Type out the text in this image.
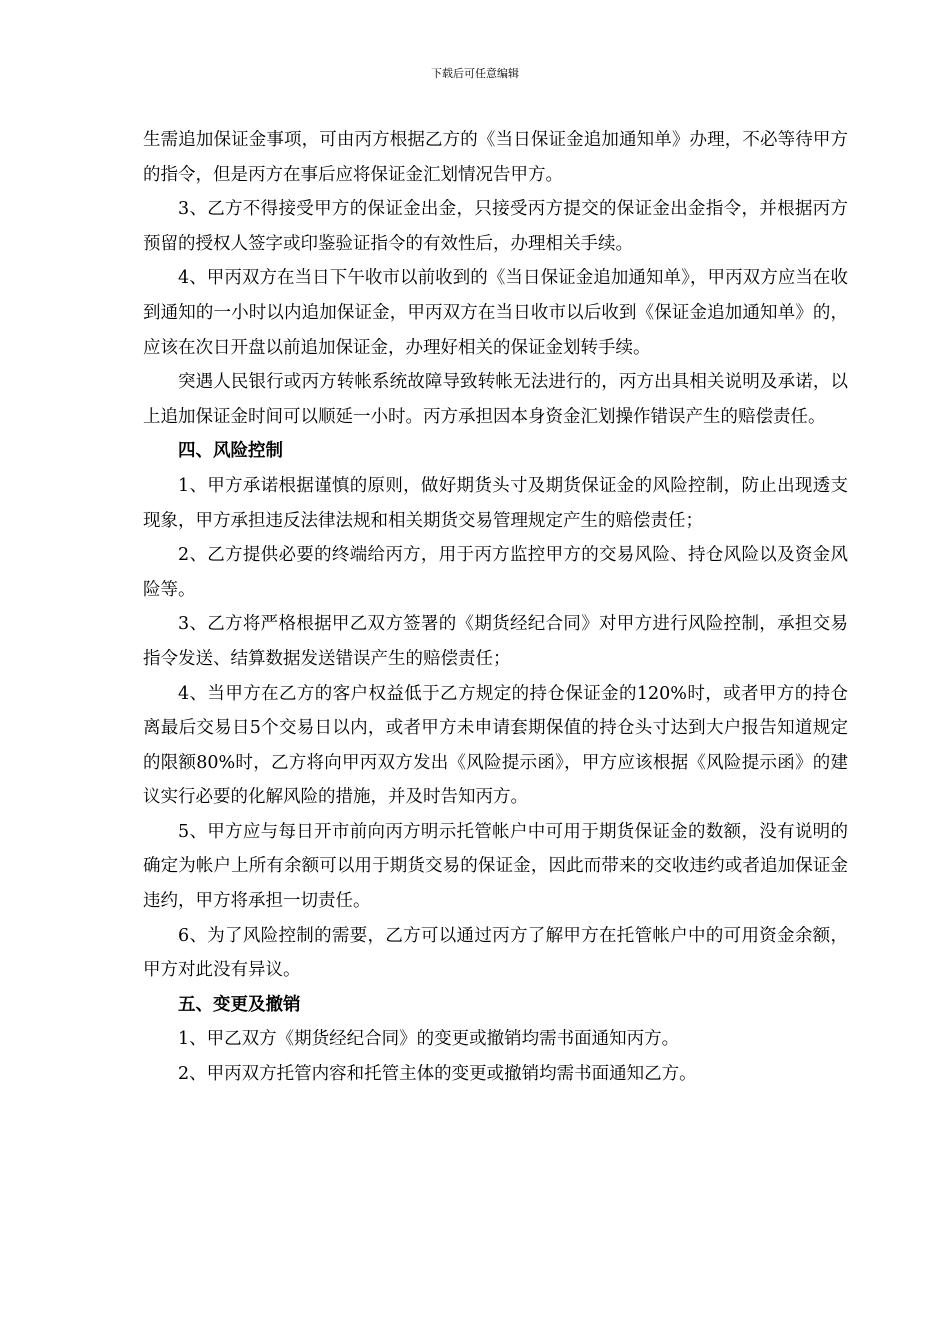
下载后可任意编辑

生需追加保证金事项，可由丙方根据乙方的《当日保证金追加通知单》办理，不必等待甲方的指令，但是丙方在事后应将保证金汇划情况告甲方。

3、乙方不得接受甲方的保证金出金，只接受丙方提交的保证金出金指令，并根据丙方预留的授权人签字或印鉴验证指令的有效性后，办理相关手续。

4、甲丙双方在当日下午收市以前收到的《当日保证金追加通知单》，甲丙双方应当在收到通知的一小时以内追加保证金，甲丙双方在当日收市以后收到《保证金追加通知单》的，应该在次日开盘以前追加保证金，办理好相关的保证金划转手续。

突遇人民银行或丙方转帐系统故障导致转帐无法进行的，丙方出具相关说明及承诺，以上追加保证金时间可以顺延一小时。丙方承担因本身资金汇划操作错误产生的赔偿责任。

四、风险控制

1、甲方承诺根据谨慎的原则，做好期货头寸及期货保证金的风险控制，防止出现透支现象，甲方承担违反法律法规和相关期货交易管理规定产生的赔偿责任；

2、乙方提供必要的终端给丙方，用于丙方监控甲方的交易风险、持仓风险以及资金风险等。

3、乙方将严格根据甲乙双方签署的《期货经纪合同》对甲方进行风险控制，承担交易指令发送、结算数据发送错误产生的赔偿责任；

4、当甲方在乙方的客户权益低于乙方规定的持仓保证金的120%时，或者甲方的持仓离最后交易日5个交易日以内，或者甲方未申请套期保值的持仓头寸达到大户报告知道规定的限额80%时，乙方将向甲丙双方发出《风险提示函》，甲方应该根据《风险提示函》的建议实行必要的化解风险的措施，并及时告知丙方。

5、甲方应与每日开市前向丙方明示托管帐户中可用于期货保证金的数额，没有说明的确定为帐户上所有余额可以用于期货交易的保证金，因此而带来的交收违约或者追加保证金违约，甲方将承担一切责任。

6、为了风险控制的需要，乙方可以通过丙方了解甲方在托管帐户中的可用资金余额，甲方对此没有异议。

五、变更及撤销

1、甲乙双方《期货经纪合同》的变更或撤销均需书面通知丙方。

2、甲丙双方托管内容和托管主体的变更或撤销均需书面通知乙方。
